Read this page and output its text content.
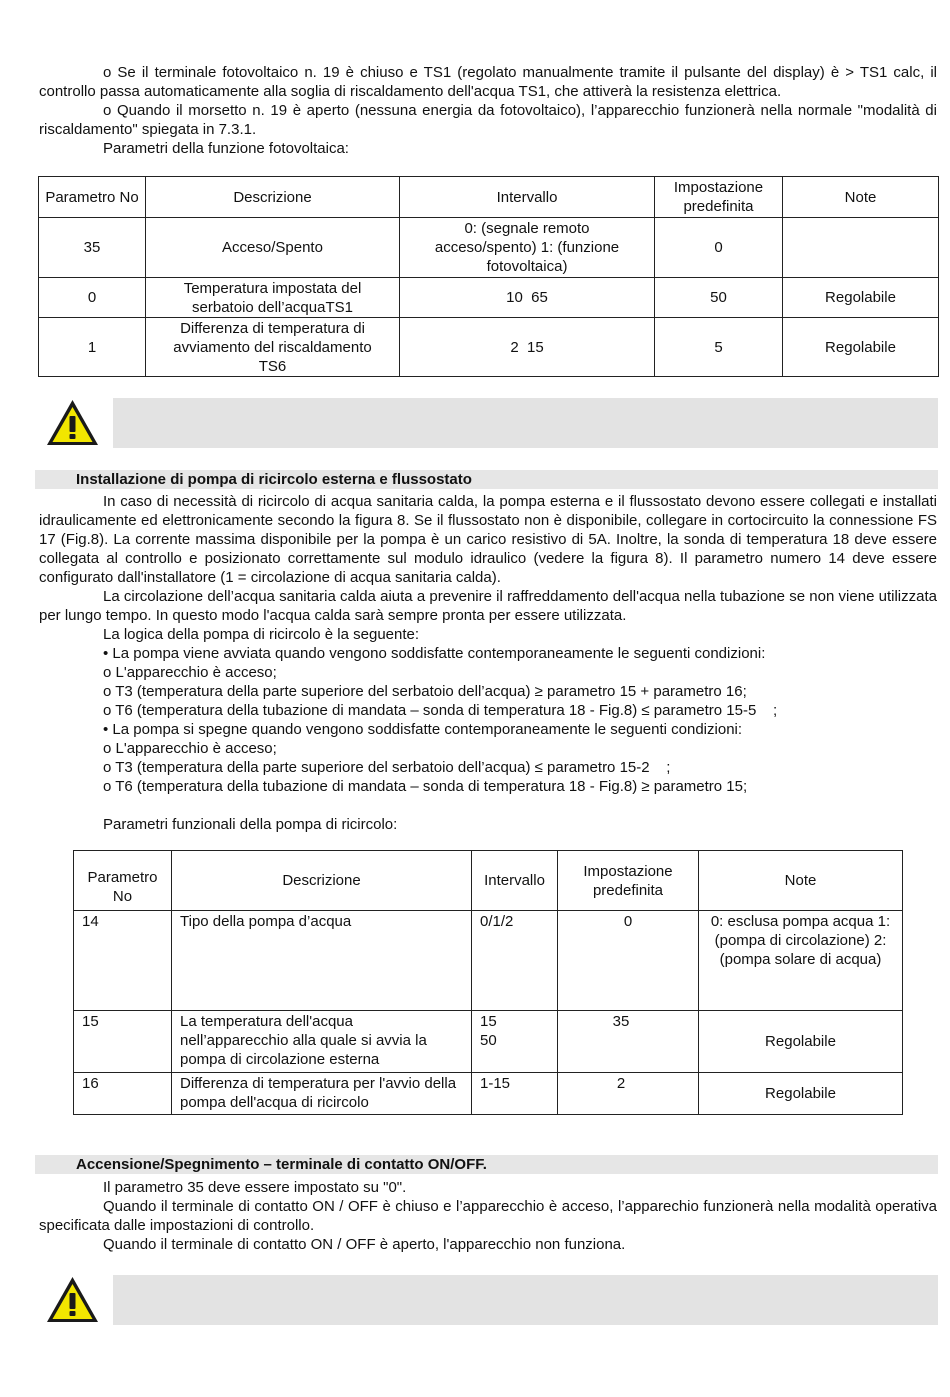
o Se il terminale fotovoltaico n. 19 è chiuso e TS1 (regolato manualmente tramite il pulsante del display) è > TS1 calc, il controllo passa automaticamente alla soglia di riscaldamento dell'acqua TS1, che attiverà la resistenza elettrica.

o Quando il morsetto n. 19 è aperto (nessuna energia da fotovoltaico), l’apparecchio funzionerà nella normale "modalità di riscaldamento" spiegata in 7.3.1.

Parametri della funzione fotovoltaica:

Parametro No	Descrizione	Intervallo	Impostazione predefinita	Note
35	Acceso/Spento	0: (segnale remoto acceso/spento) 1: (funzione fotovoltaica)	0	
0	Temperatura impostata del serbatoio dell’acquaTS1	10  65	50	Regolabile
1	Differenza di temperatura di avviamento del riscaldamento TS6	2  15	5	Regolabile
Installazione di pompa di ricircolo esterna e flussostato

In caso di necessità di ricircolo di acqua sanitaria calda, la pompa esterna e il flussostato devono essere collegati e installati idraulicamente ed elettronicamente secondo la figura 8. Se il flussostato non è disponibile, collegare in cortocircuito la connessione FS 17 (Fig.8). La corrente massima disponibile per la pompa è un carico resistivo di 5A. Inoltre, la sonda di temperatura 18 deve essere collegata al controllo e posizionato correttamente sul modulo idraulico (vedere la figura 8). Il parametro numero 14 deve essere configurato dall'installatore (1 = circolazione di acqua sanitaria calda).

La circolazione dell’acqua sanitaria calda aiuta a prevenire il raffreddamento dell'acqua nella tubazione se non viene utilizzata per lungo tempo. In questo modo l'acqua calda sarà sempre pronta per essere utilizzata.

La logica della pompa di ricircolo è la seguente:

• La pompa viene avviata quando vengono soddisfatte contemporaneamente le seguenti condizioni:

o L'apparecchio è acceso;

o T3 (temperatura della parte superiore del serbatoio dell’acqua) ≥ parametro 15 + parametro 16;

o T6 (temperatura della tubazione di mandata – sonda di temperatura 18 - Fig.8) ≤ parametro 15-5    ;

• La pompa si spegne quando vengono soddisfatte contemporaneamente le seguenti condizioni:

o L'apparecchio è acceso;

o T3 (temperatura della parte superiore del serbatoio dell’acqua) ≤ parametro 15-2    ;

o T6 (temperatura della tubazione di mandata – sonda di temperatura 18 - Fig.8) ≥ parametro 15;

Parametri funzionali della pompa di ricircolo:

Parametro No	Descrizione	Intervallo	Impostazione predefinita	Note
14	Tipo della pompa d’acqua	0/1/2	0	0: esclusa pompa acqua 1: (pompa di circolazione) 2: (pompa solare di acqua)
15	La temperatura dell'acqua nell’apparecchio alla quale si avvia la pompa di circolazione esterna	15 50	35	Regolabile
16	Differenza di temperatura per l'avvio della pompa dell'acqua di ricircolo	1-15	2	Regolabile
Accensione/Spegnimento – terminale di contatto ON/OFF.

Il parametro 35 deve essere impostato su "0".

Quando il terminale di contatto ON / OFF è chiuso e l’apparecchio è acceso, l’apparechio funzionerà nella modalità operativa specificata dalle impostazioni di controllo.

Quando il terminale di contatto ON / OFF è aperto, l'apparecchio non funziona.
